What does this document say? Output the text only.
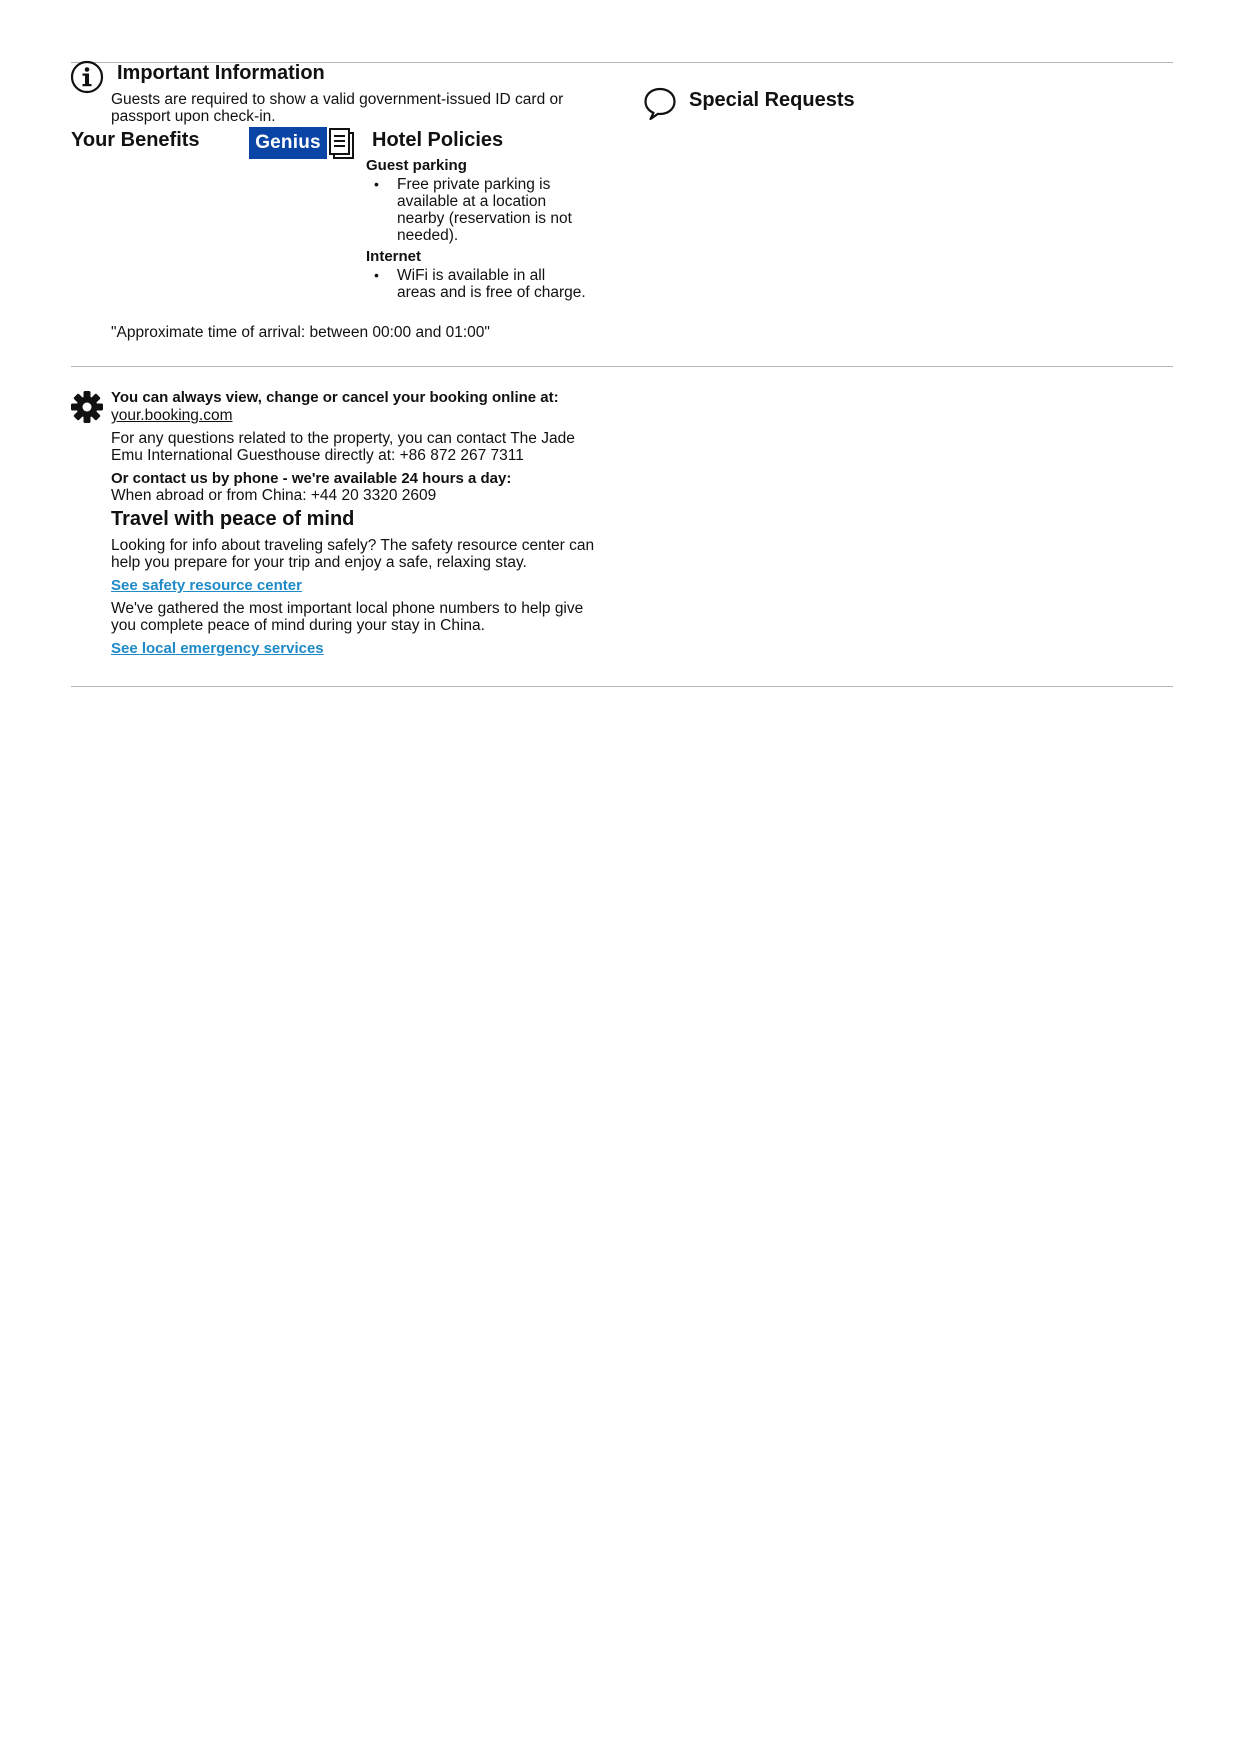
Important Information
Guests are required to show a valid government-issued ID card or passport upon check-in.
Special Requests
Your Benefits	Genius	Hotel Policies
Guest parking
• Free private parking is available at a location nearby (reservation is not needed).
Internet
• WiFi is available in all areas and is free of charge.
"Approximate time of arrival: between 00:00 and 01:00"
You can always view, change or cancel your booking online at:
your.booking.com
For any questions related to the property, you can contact The Jade Emu International Guesthouse directly at: +86 872 267 7311
Or contact us by phone - we're available 24 hours a day:
When abroad or from China: +44 20 3320 2609
Travel with peace of mind
Looking for info about traveling safely? The safety resource center can help you prepare for your trip and enjoy a safe, relaxing stay.
See safety resource center
We've gathered the most important local phone numbers to help give you complete peace of mind during your stay in China.
See local emergency services
